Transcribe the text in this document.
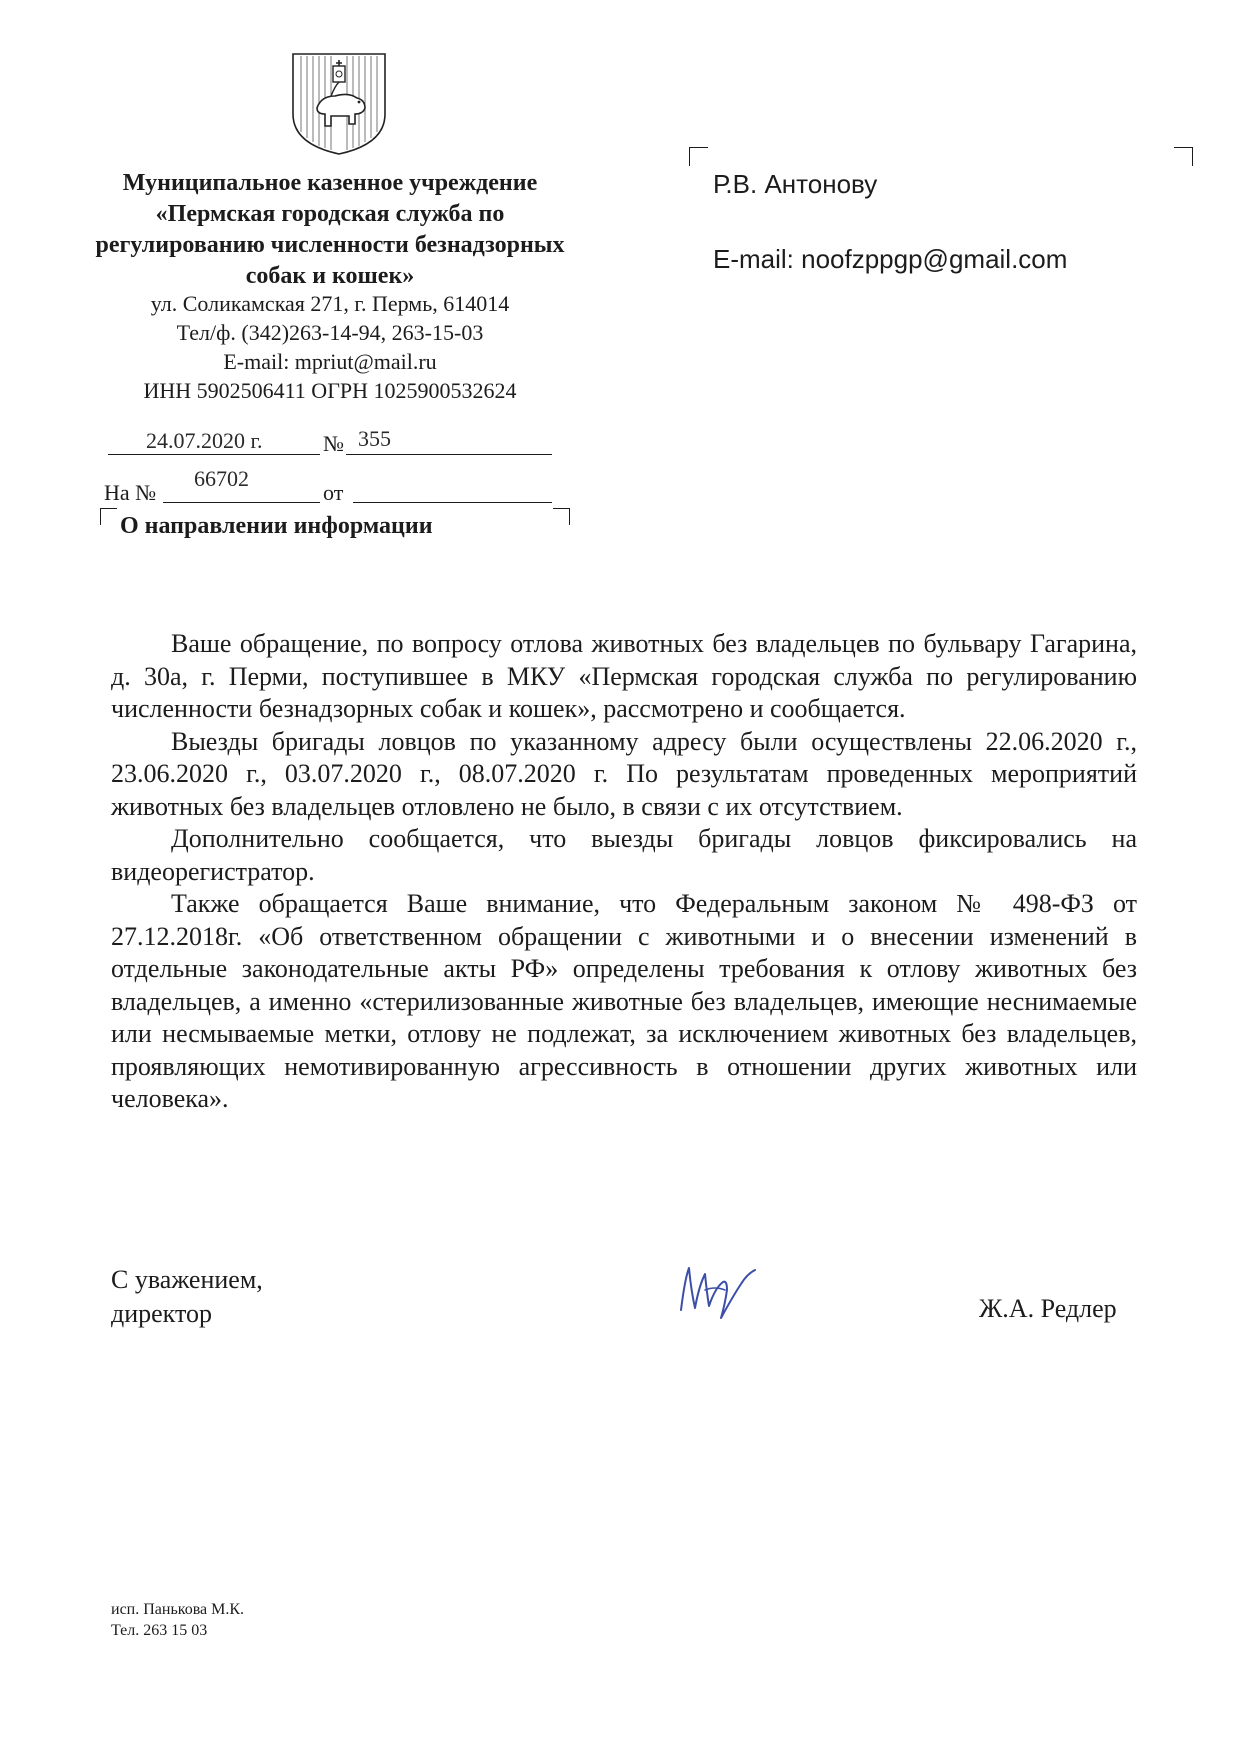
Муниципальное казенное учреждение
«Пермская городская служба по
регулированию численности безнадзорных
собак и кошек»
ул. Соликамская 271, г. Пермь, 614014
Тел/ф. (342)263-14-94, 263-15-03
E-mail: mpriut@mail.ru
ИНН 5902506411 ОГРН 1025900532624
24.07.2020 г.	№ 355
На №
66702
от
О направлении информации
Р.В. Антонову
E-mail: noofzppgp@gmail.com

Ваше обращение, по вопросу отлова животных без владельцев по бульвару Гагарина, д. 30а, г. Перми, поступившее в МКУ «Пермская городская служба по регулированию численности безнадзорных собак и кошек», рассмотрено и сообщается.

Выезды бригады ловцов по указанному адресу были осуществлены 22.06.2020 г., 23.06.2020 г., 03.07.2020 г., 08.07.2020 г. По результатам проведенных мероприятий животных без владельцев отловлено не было, в связи с их отсутствием.

Дополнительно сообщается, что выезды бригады ловцов фиксировались на видеорегистратор.

Также обращается Ваше внимание, что Федеральным законом № 498-ФЗ от 27.12.2018г. «Об ответственном обращении с животными и о внесении изменений в отдельные законодательные акты РФ» определены требования к отлову животных без владельцев, а именно «стерилизованные животные без владельцев, имеющие неснимаемые или несмываемые метки, отлову не подлежат, за исключением животных без владельцев, проявляющих немотивированную агрессивность в отношении других животных или человека».

С уважением,
директор	Ж.А. Редлер
исп. Панькова М.К.
Тел. 263 15 03
